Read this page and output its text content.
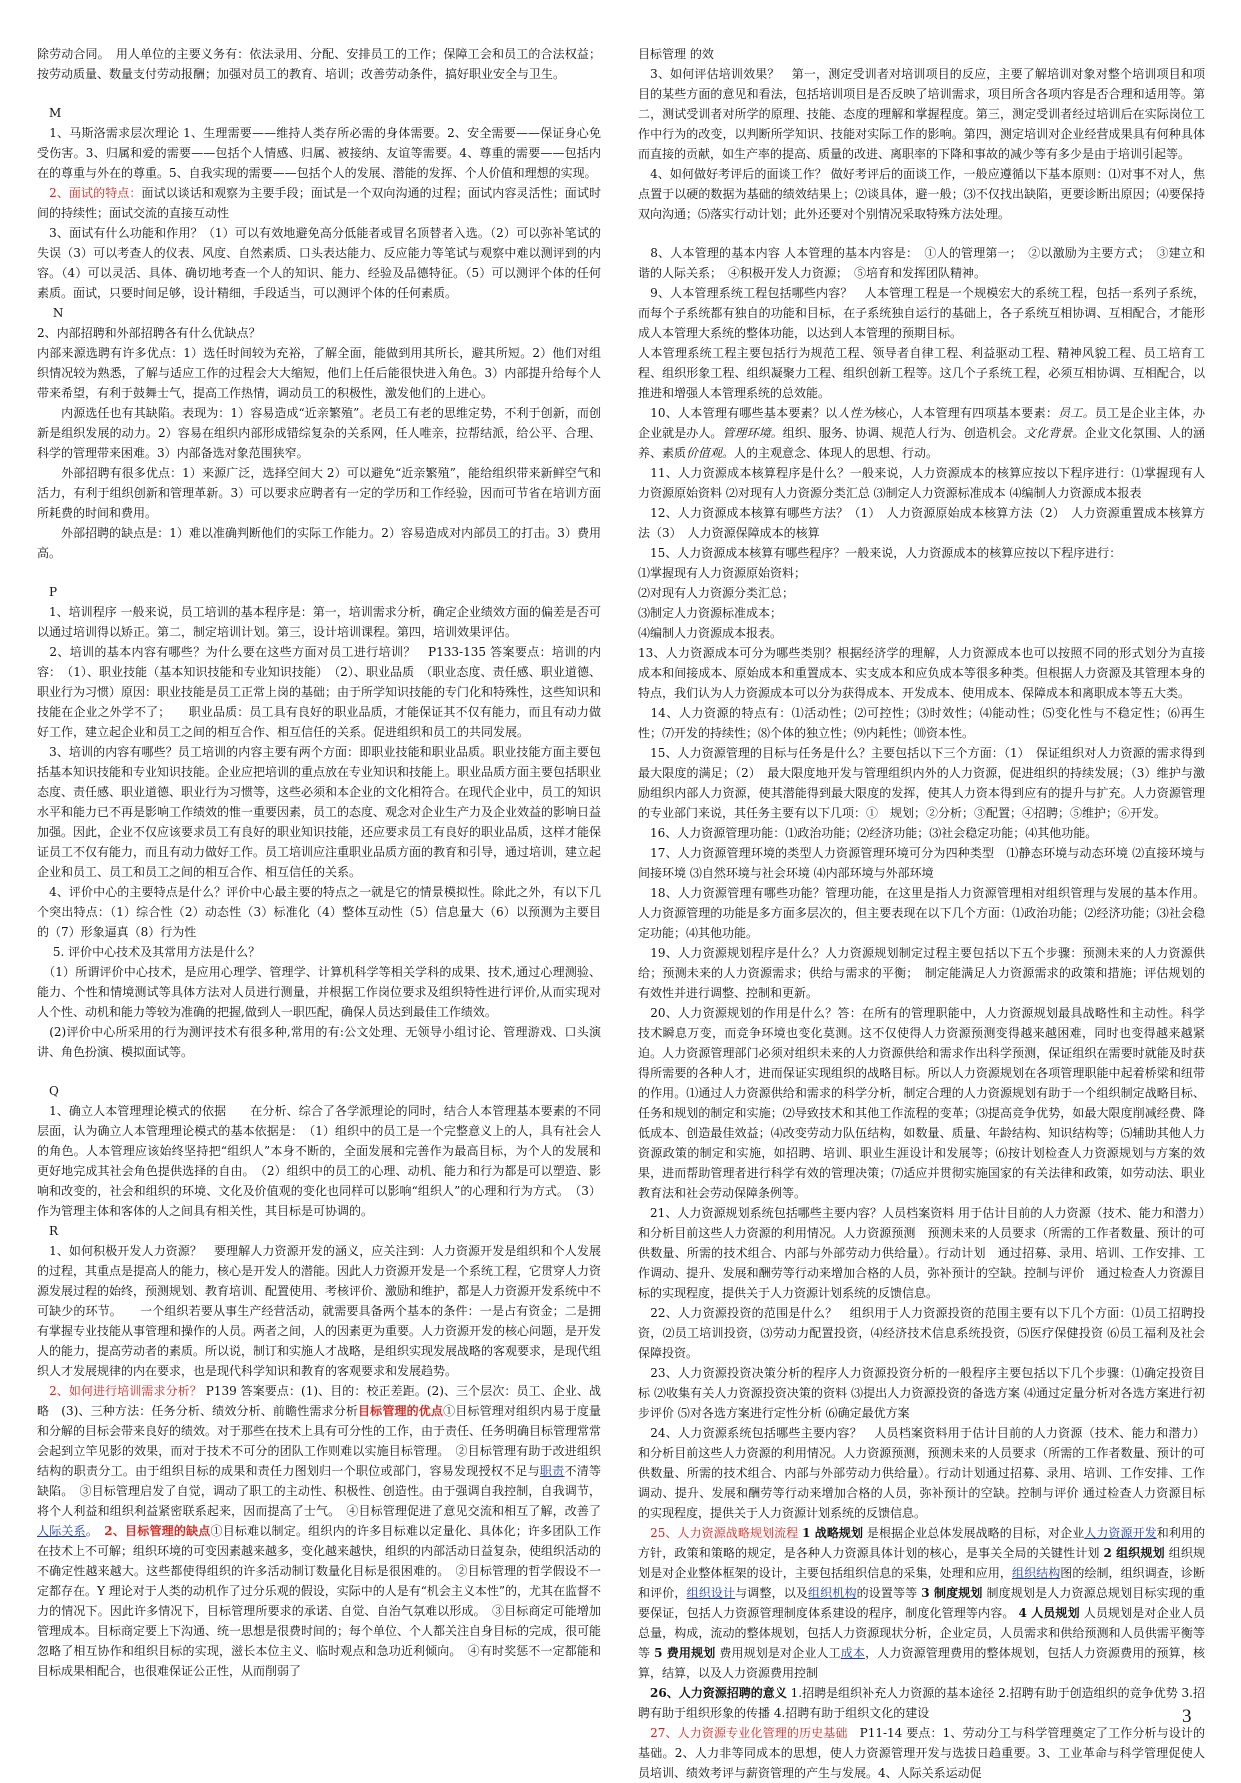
除劳动合同。　用人单位的主要义务有：依法录用、分配、安排员工的工作；保障工会和员工的合法权益；按劳动质量、数量支付劳动报酬；加强对员工的教育、培训；改善劳动条件，搞好职业安全与卫生。

　M

　1、马斯洛需求层次理论 1、生理需要——维持人类存所必需的身体需要。2、安全需要——保证身心免受伤害。3、归属和爱的需要——包括个人情感、归属、被接纳、友谊等需要。4、尊重的需要——包括内在的尊重与外在的尊重。5、自我实现的需要——包括个人的发展、潜能的发挥、个人价值和理想的实现。

　2、面试的特点：面试以谈话和观察为主要手段；面试是一个双向沟通的过程；面试内容灵活性；面试时间的持续性；面试交流的直接互动性

　3、面试有什么功能和作用？（1）可以有效地避免高分低能者或冒名顶替者入选。（2）可以弥补笔试的失误（3）可以考查人的仪表、风度、自然素质、口头表达能力、反应能力等笔试与观察中难以测评到的内容。（4）可以灵活、具体、确切地考查一个人的知识、能力、经验及品德特征。（5）可以测评个体的任何素质。面试，只要时间足够，设计精细，手段适当，可以测评个体的任何素质。

　 N

2、内部招聘和外部招聘各有什么优缺点？

内部来源选聘有许多优点：1）选任时间较为充裕，了解全面，能做到用其所长，避其所短。2）他们对组织情况较为熟悉，了解与适应工作的过程会大大缩短，他们上任后能很快进入角色。3）内部提升给每个人带来希望，有利于鼓舞士气，提高工作热情，调动员工的积极性，激发他们的上进心。

　　内源选任也有其缺陷。表现为：1）容易造成“近亲繁殖”。老员工有老的思维定势，不利于创新，而创新是组织发展的动力。2）容易在组织内部形成错综复杂的关系网，任人唯亲，拉帮结派，给公平、合理、科学的管理带来困难。3）内部备选对象范围狭窄。

　　外部招聘有很多优点：1）来源广泛，选择空间大 2）可以避免“近亲繁殖”，能给组织带来新鲜空气和活力，有利于组织创新和管理革新。3）可以要求应聘者有一定的学历和工作经验，因而可节省在培训方面所耗费的时间和费用。

　　外部招聘的缺点是：1）难以准确判断他们的实际工作能力。2）容易造成对内部员工的打击。3）费用高。

　P

　1、培训程序 一般来说，员工培训的基本程序是：第一，培训需求分析，确定企业绩效方面的偏差是否可以通过培训得以矫正。第二，制定培训计划。第三，设计培训课程。第四，培训效果评估。

　2、培训的基本内容有哪些？为什么要在这些方面对员工进行培训？　P133-135 答案要点：培训的内容：　（1）、职业技能（基本知识技能和专业知识技能）　（2）、职业品质　（职业态度、责任感、职业道德、职业行为习惯）原因：职业技能是员工正常上岗的基础；由于所学知识技能的专门化和特殊性，这些知识和技能在企业之外学不了；　　职业品质：员工具有良好的职业品质，才能保证其不仅有能力，而且有动力做好工作，建立起企业和员工之间的相互合作、相互信任的关系。促进组织和员工的共同发展。

　3、培训的内容有哪些？员工培训的内容主要有两个方面：即职业技能和职业品质。职业技能方面主要包括基本知识技能和专业知识技能。企业应把培训的重点放在专业知识和技能上。职业品质方面主要包括职业态度、责任感、职业道德、职业行为习惯等，这些必须和本企业的文化相符合。在现代企业中，员工的知识水平和能力已不再是影响工作绩效的惟一重要因素，员工的态度、观念对企业生产力及企业效益的影响日益加强。因此，企业不仅应该要求员工有良好的职业知识技能，还应要求员工有良好的职业品质，这样才能保证员工不仅有能力，而且有动力做好工作。员工培训应注重职业品质方面的教育和引导，通过培训，建立起企业和员工、员工和员工之间的相互合作、相互信任的关系。

　4、评价中心的主要特点是什么？评价中心最主要的特点之一就是它的情景模拟性。除此之外，有以下几个突出特点：（1）综合性（2）动态性（3）标准化（4）整体互动性（5）信息量大（6）以预测为主要目的（7）形象逼真（8）行为性

　 5. 评价中心技术及其常用方法是什么？

　（1）所谓评价中心技术，是应用心理学、管理学、计算机科学等相关学科的成果、技术,通过心理测验、能力、个性和情境测试等具体方法对人员进行测量，并根据工作岗位要求及组织特性进行评价,从而实现对人个性、动机和能力等较为准确的把握,做到人一职匹配，确保人员达到最佳工作绩效。

　(2)评价中心所采用的行为测评技术有很多种,常用的有:公文处理、无领导小组讨论、管理游戏、口头演讲、角色扮演、模拟面试等。

　Q

　1、确立人本管理理论模式的依据　　在分析、综合了各学派理论的同时，结合人本管理基本要素的不同层面，认为确立人本管理理论模式的基本依据是：　（1）组织中的员工是一个完整意义上的人，具有社会人的角色。人本管理应该始终坚持把“组织人”本身不断的，全面发展和完善作为最高目标，为个人的发展和更好地完成其社会角色提供选择的自由。　（2）组织中的员工的心理、动机、能力和行为都是可以塑造、影响和改变的，社会和组织的环境、文化及价值观的变化也同样可以影响“组织人”的心理和行为方式。　（3）作为管理主体和客体的人之间具有相关性，其目标是可协调的。

　R

　1、如何积极开发人力资源？　要理解人力资源开发的涵义，应关注到：人力资源开发是组织和个人发展的过程，其重点是提高人的能力，核心是开发人的潜能。因此人力资源开发是一个系统工程，它贯穿人力资源发展过程的始终，预测规划、教育培训、配置使用、考核评价、激励和维护，都是人力资源开发系统中不可缺少的环节。　　一个组织若要从事生产经营活动，就需要具备两个基本的条件：一是占有资金；二是拥有掌握专业技能从事管理和操作的人员。两者之间，人的因素更为重要。人力资源开发的核心问题，是开发人的能力，提高劳动者的素质。所以说，制订和实施人才战略，是组织实现发展战略的客观要求，是现代组织人才发展规律的内在要求，也是现代科学知识和教育的客观要求和发展趋势。

　2、如何进行培训需求分析？ P139 答案要点：(1)、目的：校正差距。(2)、三个层次：员工、企业、战略　(3)、三种方法：任务分析、绩效分析、前瞻性需求分析目标管理的优点①目标管理对组织内易于度量和分解的目标会带来良好的绩效。对于那些在技术上具有可分性的工作，由于责任、任务明确目标管理常常会起到立竿见影的效果，而对于技术不可分的团队工作则难以实施目标管理。　②目标管理有助于改进组织结构的职责分工。由于组织目标的成果和责任力图划归一个职位或部门，容易发现授权不足与职责不清等缺陷。　③目标管理启发了自觉，调动了职工的主动性、积极性、创造性。由于强调自我控制，自我调节，将个人利益和组织利益紧密联系起来，因而提高了士气。　④目标管理促进了意见交流和相互了解，改善了人际关系。　2、目标管理的缺点①目标难以制定。组织内的许多目标难以定量化、具体化；许多团队工作在技术上不可解；组织环境的可变因素越来越多，变化越来越快，组织的内部活动日益复杂，使组织活动的不确定性越来越大。这些都使得组织的许多活动制订数量化目标是很困难的。　②目标管理的哲学假设不一定都存在。Y 理论对于人类的动机作了过分乐观的假设，实际中的人是有“机会主义本性”的，尤其在监督不力的情况下。因此许多情况下，目标管理所要求的承诺、自觉、自治气氛难以形成。　③目标商定可能增加管理成本。目标商定要上下沟通、统一思想是很费时间的；每个单位、个人都关注自身目标的完成，很可能忽略了相互协作和组织目标的实现，滋长本位主义、临时观点和急功近利倾向。　④有时奖惩不一定都能和目标成果相配合，也很难保证公正性，从而削弱了

目标管理 的效

　3、如何评估培训效果？　第一，测定受训者对培训项目的反应，主要了解培训对象对整个培训项目和项目的某些方面的意见和看法，包括培训项目是否反映了培训需求，项目所含各项内容是否合理和适用等。第二，测试受训者对所学的原理、技能、态度的理解和掌握程度。第三，测定受训者经过培训后在实际岗位工作中行为的改变，以判断所学知识、技能对实际工作的影响。第四，测定培训对企业经营成果具有何种具体而直接的贡献，如生产率的提高、质量的改进、离职率的下降和事故的减少等有多少是由于培训引起等。

　4、如何做好考评后的面谈工作？ 做好考评后的面谈工作，一般应遵循以下基本原则：⑴对事不对人，焦点置于以硬的数据为基础的绩效结果上；⑵谈具体，避一般；⑶不仅找出缺陷，更要诊断出原因；⑷要保持双向沟通；⑸落实行动计划；此外还要对个别情况采取特殊方法处理。

　8、人本管理的基本内容 人本管理的基本内容是：　①人的管理第一；　②以激励为主要方式；　③建立和谐的人际关系；　④积极开发人力资源；　⑤培育和发挥团队精神。

　9、人本管理系统工程包括哪些内容？　人本管理工程是一个规模宏大的系统工程，包括一系列子系统，而每个子系统都有独自的功能和目标，在子系统独自运行的基础上，各子系统互相协调、互相配合，才能形成人本管理大系统的整体功能，以达到人本管理的预期目标。

人本管理系统工程主要包括行为规范工程、领导者自律工程、利益驱动工程、精神风貌工程、员工培育工程、组织形象工程、组织凝聚力工程、组织创新工程等。这几个子系统工程，必须互相协调、互相配合，以推进和增强人本管理系统的总效能。

　10、人本管理有哪些基本要素？以人性为核心，人本管理有四项基本要素：员工。员工是企业主体，办企业就是办人。管理环境。组织、服务、协调、规范人行为、创造机会。文化背景。企业文化氛围、人的涵养、素质价值观。人的主观意念、体现人的思想、行动。

　11、人力资源成本核算程序是什么？一般来说，人力资源成本的核算应按以下程序进行：⑴掌握现有人力资源原始资料 ⑵对现有人力资源分类汇总 ⑶制定人力资源标准成本 ⑷编制人力资源成本报表

　12、人力资源成本核算有哪些方法？（1）　人力资源原始成本核算方法（2）　人力资源重置成本核算方法（3）　人力资源保障成本的核算

　15、人力资源成本核算有哪些程序？一般来说，人力资源成本的核算应按以下程序进行：

⑴掌握现有人力资源原始资料；

⑵对现有人力资源分类汇总；

⑶制定人力资源标准成本；

⑷编制人力资源成本报表。

13、人力资源成本可分为哪些类别？根据经济学的理解，人力资源成本也可以按照不同的形式划分为直接成本和间接成本、原始成本和重置成本、实支成本和应负成本等很多种类。但根据人力资源及其管理本身的特点，我们认为人力资源成本可以分为获得成本、开发成本、使用成本、保障成本和离职成本等五大类。

　14、人力资源的特点有：⑴活动性；⑵可控性；⑶时效性；⑷能动性；⑸变化性与不稳定性；⑹再生性；⑺开发的持续性；⑻个体的独立性；⑼内耗性；⑽资本性。

　15、人力资源管理的目标与任务是什么？主要包括以下三个方面：（1）　保证组织对人力资源的需求得到最大限度的满足；（2）　最大限度地开发与管理组织内外的人力资源，促进组织的持续发展；（3）维护与激励组织内部人力资源，使其潜能得到最大限度的发挥，使其人力资本得到应有的提升与扩充。人力资源管理的专业部门来说，其任务主要有以下几项：①　规划；②分析；③配置；④招聘；⑤维护；⑥开发。

　16、人力资源管理功能：⑴政治功能；⑵经济功能；⑶社会稳定功能；⑷其他功能。

　17、人力资源管理环境的类型人力资源管理环境可分为四种类型　⑴静态环境与动态环境 ⑵直接环境与间接环境 ⑶自然环境与社会环境 ⑷内部环境与外部环境

　18、人力资源管理有哪些功能？管理功能，在这里是指人力资源管理相对组织管理与发展的基本作用。人力资源管理的功能是多方面多层次的，但主要表现在以下几个方面：⑴政治功能；⑵经济功能；⑶社会稳定功能；⑷其他功能。

　19、人力资源规划程序是什么？人力资源规划制定过程主要包括以下五个步骤：预测未来的人力资源供给；预测未来的人力资源需求；供给与需求的平衡；　制定能满足人力资源需求的政策和措施；评估规划的有效性并进行调整、控制和更新。

　20、人力资源规划的作用是什么？答：在所有的管理职能中，人力资源规划最具战略性和主动性。科学技术瞬息万变，而竞争环境也变化莫测。这不仅使得人力资源预测变得越来越困难，同时也变得越来越紧迫。人力资源管理部门必须对组织未来的人力资源供给和需求作出科学预测，保证组织在需要时就能及时获得所需要的各种人才，进而保证实现组织的战略目标。所以人力资源规划在各项管理职能中起着桥梁和纽带的作用。⑴通过人力资源供给和需求的科学分析，制定合理的人力资源规划有助于一个组织制定战略目标、任务和规划的制定和实施；⑵导致技术和其他工作流程的变革；⑶提高竞争优势，如最大限度削减经费、降低成本、创造最佳效益；⑷改变劳动力队伍结构，如数量、质量、年龄结构、知识结构等；⑸辅助其他人力资源政策的制定和实施，如招聘、培训、职业生涯设计和发展等；⑹按计划检查人力资源规划与方案的效果，进而帮助管理者进行科学有效的管理决策；⑺适应并贯彻实施国家的有关法律和政策，如劳动法、职业教育法和社会劳动保障条例等。

　21、人力资源规划系统包括哪些主要内容？人员档案资料 用于估计目前的人力资源（技术、能力和潜力）和分析目前这些人力资源的利用情况。人力资源预测　预测未来的人员要求（所需的工作者数量、预计的可供数量、所需的技术组合、内部与外部劳动力供给量）。行动计划　通过招募、录用、培训、工作安排、工作调动、提升、发展和酬劳等行动来增加合格的人员，弥补预计的空缺。控制与评价　通过检查人力资源目标的实现程度，提供关于人力资源计划系统的反馈信息。

　22、人力资源投资的范围是什么？　组织用于人力资源投资的范围主要有以下几个方面：⑴员工招聘投资，⑵员工培训投资，⑶劳动力配置投资，⑷经济技术信息系统投资，⑸医疗保健投资 ⑹员工福利及社会保障投资。

　23、人力资源投资决策分析的程序人力资源投资分析的一般程序主要包括以下几个步骤：⑴确定投资目标 ⑵收集有关人力资源投资决策的资料 ⑶提出人力资源投资的备选方案 ⑷通过定量分析对各选方案进行初步评价 ⑸对各选方案进行定性分析 ⑹确定最优方案

　24、人力资源系统包括哪些主要内容？　人员档案资料用于估计目前的人力资源（技术、能力和潜力）和分析目前这些人力资源的利用情况。人力资源预测，预测未来的人员要求（所需的工作者数量、预计的可供数量、所需的技术组合、内部与外部劳动力供给量）。行动计划通过招募、录用、培训、工作安排、工作调动、提升、发展和酬劳等行动来增加合格的人员，弥补预计的空缺。控制与评价 通过检查人力资源目标的实现程度，提供关于人力资源计划系统的反馈信息。

　25、人力资源战略规划流程 1 战略规划 是根据企业总体发展战略的目标，对企业人力资源开发和利用的方针，政策和策略的规定，是各种人力资源具体计划的核心，是事关全局的关键性计划 2 组织规划 组织规划是对企业整体框架的设计，主要包括组织信息的采集，处理和应用，组织结构图的绘制，组织调查，诊断和评价，组织设计与调整，以及组织机构的设置等等 3 制度规划 制度规划是人力资源总规划目标实现的重要保证，包括人力资源管理制度体系建设的程序，制度化管理等内容。 4 人员规划 人员规划是对企业人员总量，构成，流动的整体规划，包括人力资源现状分析，企业定员，人员需求和供给预测和人员供需平衡等等 5 费用规划 费用规划是对企业人工成本，人力资源管理费用的整体规划，包括人力资源费用的预算，核算，结算，以及人力资源费用控制

　26、人力资源招聘的意义 1.招聘是组织补充人力资源的基本途径 2.招聘有助于创造组织的竞争优势 3.招聘有助于组织形象的传播 4.招聘有助于组织文化的建设

　27、人力资源专业化管理的历史基础　P11-14 要点：1、劳动分工与科学管理奠定了工作分析与设计的基础。2、人力非等同成本的思想，使人力资源管理开发与选拔日趋重要。3、工业革命与科学管理促使人员培训、绩效考评与薪资管理的产生与发展。4、人际关系运动促

3
